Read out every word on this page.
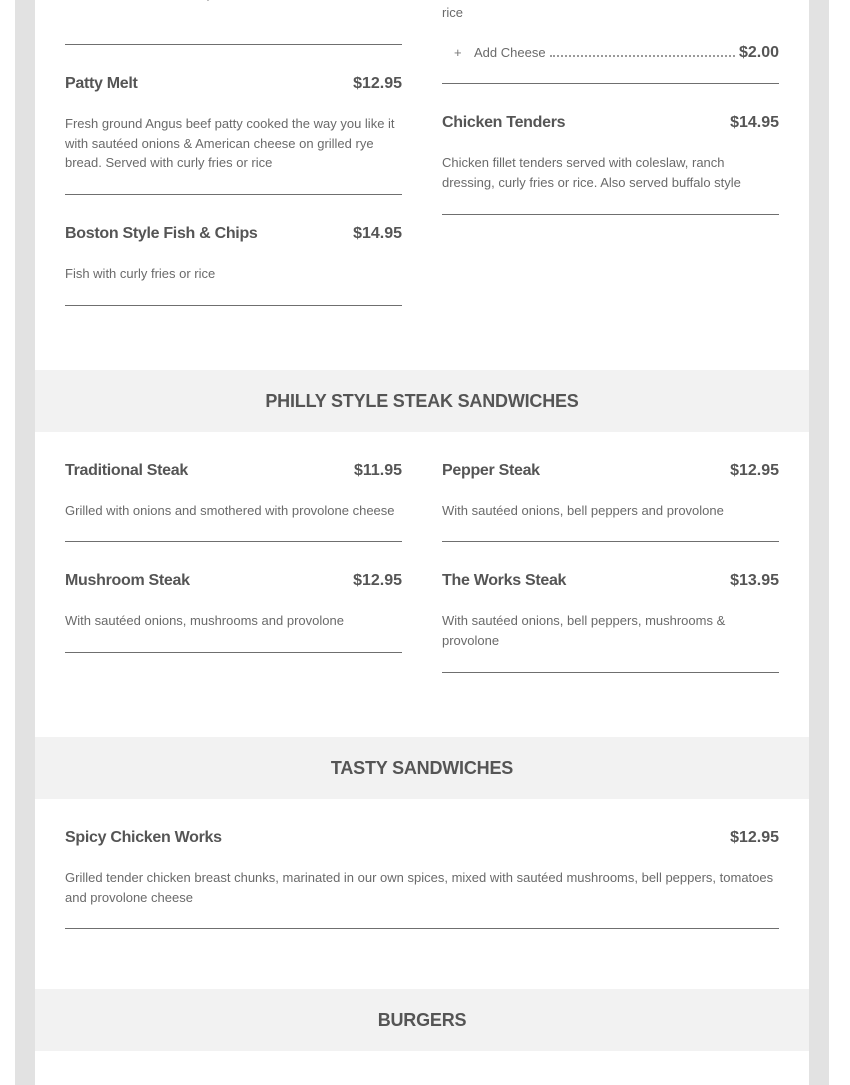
Patty Melt	$12.95

Fresh ground Angus beef patty cooked the way you like it with sautéed onions & American cheese on grilled rye bread. Served with curly fries or rice

Boston Style Fish & Chips	$14.95

Fish with curly fries or rice

rice

+ Add Cheese	$2.00
Chicken Tenders	$14.95

Chicken fillet tenders served with coleslaw, ranch dressing, curly fries or rice. Also served buffalo style

PHILLY STYLE STEAK SANDWICHES
Traditional Steak	$11.95

Grilled with onions and smothered with provolone cheese

Pepper Steak	$12.95

With sautéed onions, bell peppers and provolone

Mushroom Steak	$12.95

With sautéed onions, mushrooms and provolone

The Works Steak	$13.95

With sautéed onions, bell peppers, mushrooms & provolone

TASTY SANDWICHES
Spicy Chicken Works	$12.95

Grilled tender chicken breast chunks, marinated in our own spices, mixed with sautéed mushrooms, bell peppers, tomatoes and provolone cheese

BURGERS
